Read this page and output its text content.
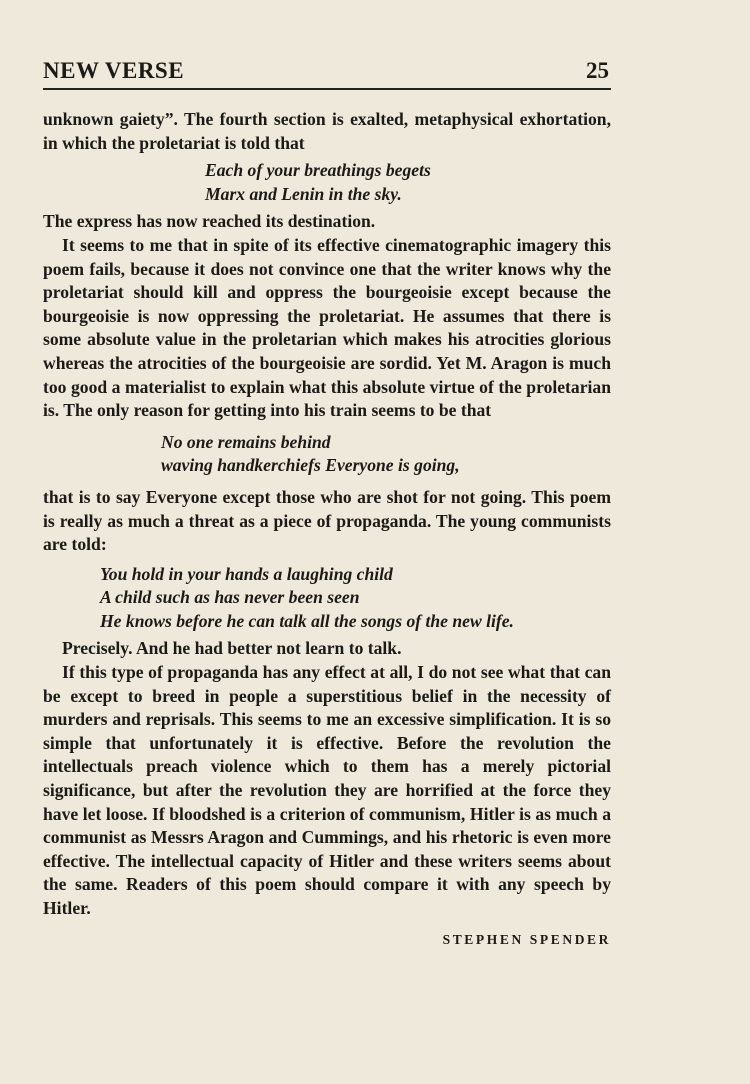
NEW VERSE	25

unknown gaiety”. The fourth section is exalted, metaphysical exhortation, in which the proletariat is told that

Each of your breathings begets
Marx and Lenin in the sky.

The express has now reached its destination.

It seems to me that in spite of its effective cinematographic imagery this poem fails, because it does not convince one that the writer knows why the proletariat should kill and oppress the bourgeoisie except because the bourgeoisie is now oppressing the proletariat. He assumes that there is some absolute value in the proletarian which makes his atrocities glorious whereas the atrocities of the bourgeoisie are sordid. Yet M. Aragon is much too good a materialist to explain what this absolute virtue of the proletarian is. The only reason for getting into his train seems to be that

No one remains behind
waving handkerchiefs Everyone is going,

that is to say Everyone except those who are shot for not going. This poem is really as much a threat as a piece of propaganda. The young communists are told:

You hold in your hands a laughing child
A child such as has never been seen
He knows before he can talk all the songs of the new life.

Precisely. And he had better not learn to talk.

If this type of propaganda has any effect at all, I do not see what that can be except to breed in people a superstitious belief in the necessity of murders and reprisals. This seems to me an excessive simplification. It is so simple that unfortunately it is effective. Before the revolution the intellectuals preach violence which to them has a merely pictorial significance, but after the revolution they are horrified at the force they have let loose. If bloodshed is a criterion of communism, Hitler is as much a communist as Messrs Aragon and Cummings, and his rhetoric is even more effective. The intellectual capacity of Hitler and these writers seems about the same. Readers of this poem should compare it with any speech by Hitler.

STEPHEN SPENDER
